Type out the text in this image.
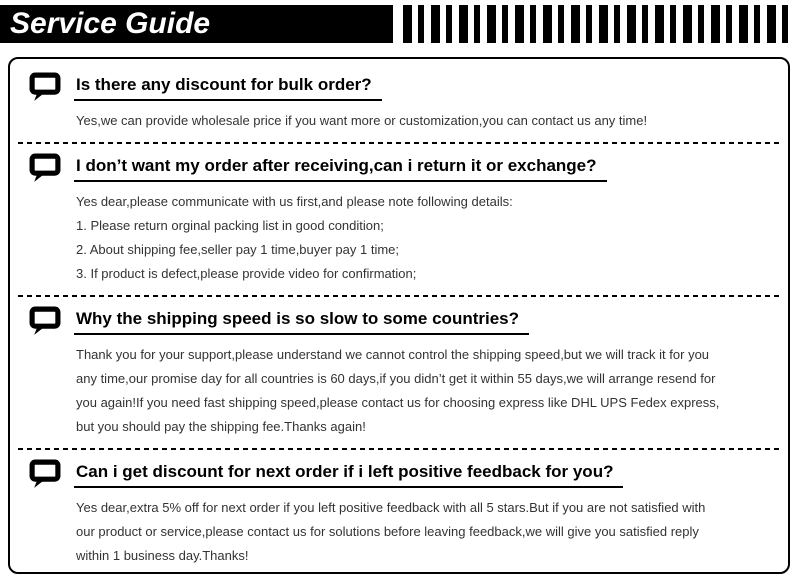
Service Guide
Is there any discount for bulk order?
Yes,we can provide wholesale price if you want more or customization,you can contact us any time!
I don’t want my order after receiving,can i return it or exchange?
Yes dear,please communicate with us first,and please note following details:
1. Please return orginal packing list in good condition;
2. About shipping fee,seller pay 1 time,buyer pay 1 time;
3. If product is defect,please provide video for confirmation;
Why the shipping speed is so slow to some countries?
Thank you for your support,please understand we cannot control the shipping speed,but we will track it for you
any time,our promise day for all countries is 60 days,if you didn’t get it within 55 days,we will arrange resend for
you again!If you need fast shipping speed,please contact us for choosing express like DHL UPS Fedex express,
but you should pay the shipping fee.Thanks again!
Can i get discount for next order if i left positive feedback for you?
Yes dear,extra 5% off for next order if you left positive feedback with all 5 stars.But if you are not satisfied with
our product or service,please contact us for solutions before leaving feedback,we will give you satisfied reply
within 1 business day.Thanks!
